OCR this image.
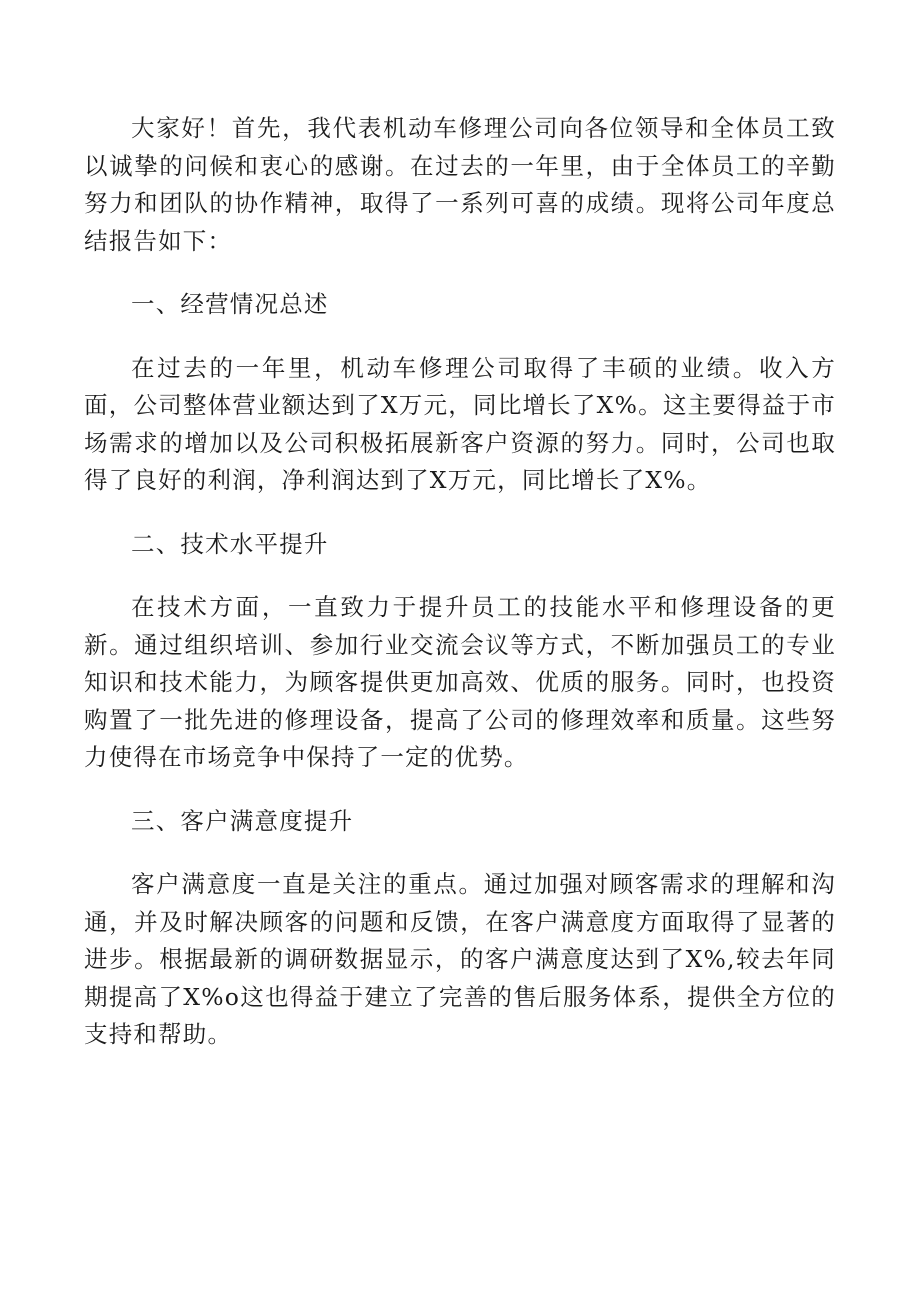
大家好！首先，我代表机动车修理公司向各位领导和全体员工致以诚挚的问候和衷心的感谢。在过去的一年里，由于全体员工的辛勤努力和团队的协作精神，取得了一系列可喜的成绩。现将公司年度总结报告如下：

一、经营情况总述

在过去的一年里，机动车修理公司取得了丰硕的业绩。收入方面，公司整体营业额达到了X万元，同比增长了X%。这主要得益于市场需求的增加以及公司积极拓展新客户资源的努力。同时，公司也取得了良好的利润，净利润达到了X万元，同比增长了X%。

二、技术水平提升

在技术方面，一直致力于提升员工的技能水平和修理设备的更新。通过组织培训、参加行业交流会议等方式，不断加强员工的专业知识和技术能力，为顾客提供更加高效、优质的服务。同时，也投资购置了一批先进的修理设备，提高了公司的修理效率和质量。这些努力使得在市场竞争中保持了一定的优势。

三、客户满意度提升

客户满意度一直是关注的重点。通过加强对顾客需求的理解和沟通，并及时解决顾客的问题和反馈，在客户满意度方面取得了显著的进步。根据最新的调研数据显示，的客户满意度达到了X%,较去年同期提高了X%o这也得益于建立了完善的售后服务体系，提供全方位的支持和帮助。
